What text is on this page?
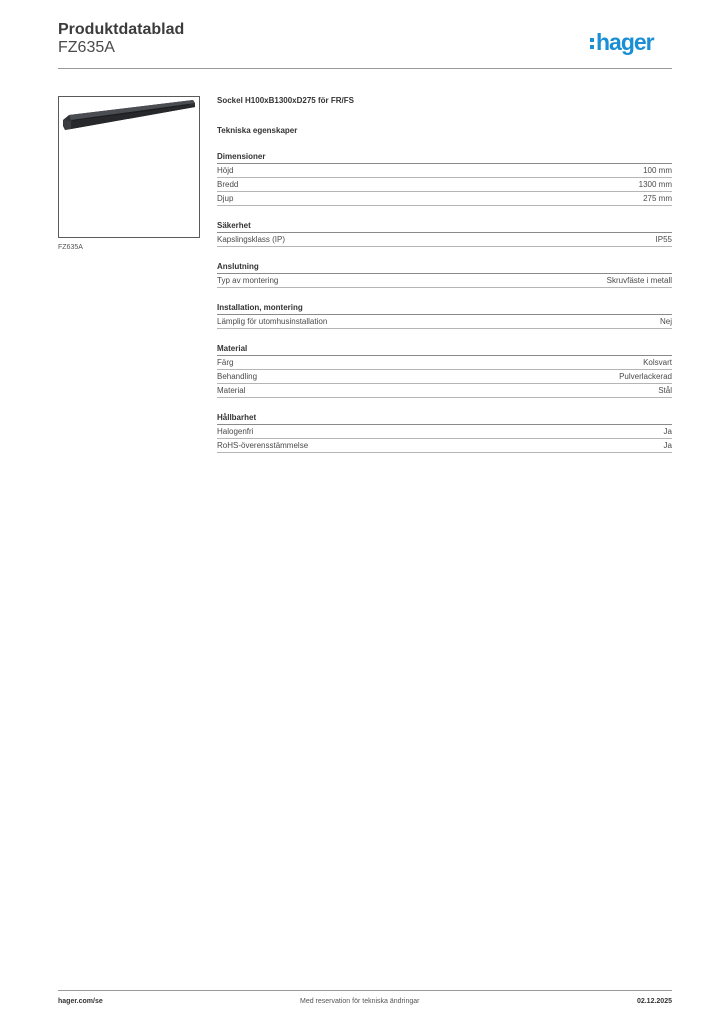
Produktdatablad
FZ635A	hager
FZ635A
Sockel H100xB1300xD275 för FR/FS
Tekniska egenskaper
Dimensioner
Höjd	100 mm
Bredd	1300 mm
Djup	275 mm
Säkerhet
Kapslingsklass (IP)	IP55
Anslutning
Typ av montering	Skruvfäste i metall
Installation, montering
Lämplig för utomhusinstallation	Nej
Material
Färg	Kolsvart
Behandling	Pulverlackerad
Material	Stål
Hållbarhet
Halogenfri	Ja
RoHS-överensstämmelse	Ja
hager.com/se	Med reservation för tekniska ändringar	02.12.2025
